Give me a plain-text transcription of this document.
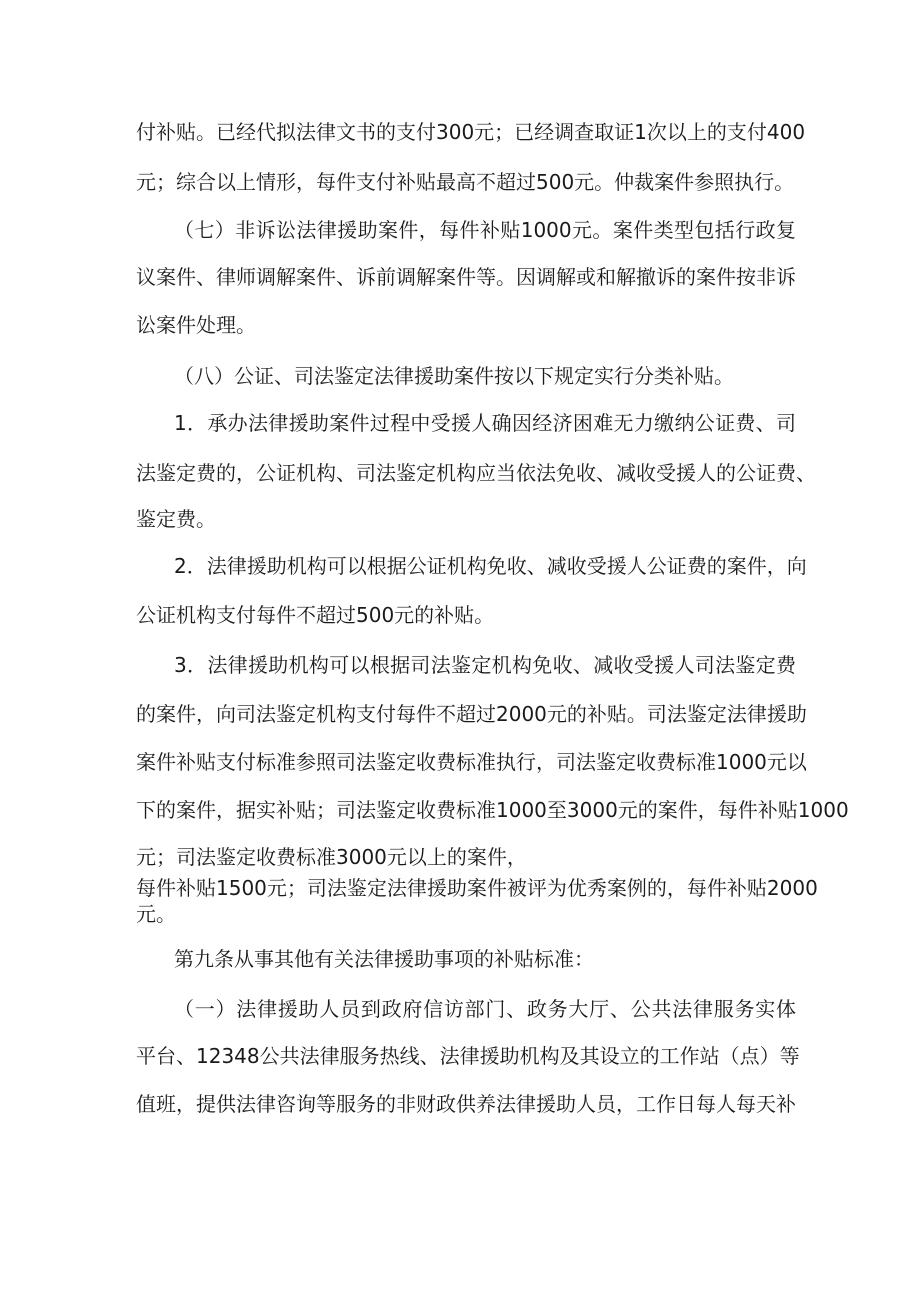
付补贴。已经代拟法律文书的支付300元；已经调查取证1次以上的支付400
元；综合以上情形，每件支付补贴最高不超过500元。仲裁案件参照执行。
（七）非诉讼法律援助案件，每件补贴1000元。案件类型包括行政复
议案件、律师调解案件、诉前调解案件等。因调解或和解撤诉的案件按非诉
讼案件处理。
（八）公证、司法鉴定法律援助案件按以下规定实行分类补贴。
1．承办法律援助案件过程中受援人确因经济困难无力缴纳公证费、司
法鉴定费的，公证机构、司法鉴定机构应当依法免收、减收受援人的公证费、
鉴定费。
2．法律援助机构可以根据公证机构免收、减收受援人公证费的案件，向
公证机构支付每件不超过500元的补贴。
3．法律援助机构可以根据司法鉴定机构免收、减收受援人司法鉴定费
的案件，向司法鉴定机构支付每件不超过2000元的补贴。司法鉴定法律援助
案件补贴支付标准参照司法鉴定收费标准执行，司法鉴定收费标准1000元以
下的案件，据实补贴；司法鉴定收费标准1000至3000元的案件，每件补贴1000
元；司法鉴定收费标准3000元以上的案件，
每件补贴1500元；司法鉴定法律援助案件被评为优秀案例的，每件补贴2000
元。
第九条从事其他有关法律援助事项的补贴标准：
（一）法律援助人员到政府信访部门、政务大厅、公共法律服务实体
平台、12348公共法律服务热线、法律援助机构及其设立的工作站（点）等
值班，提供法律咨询等服务的非财政供养法律援助人员，工作日每人每天补
